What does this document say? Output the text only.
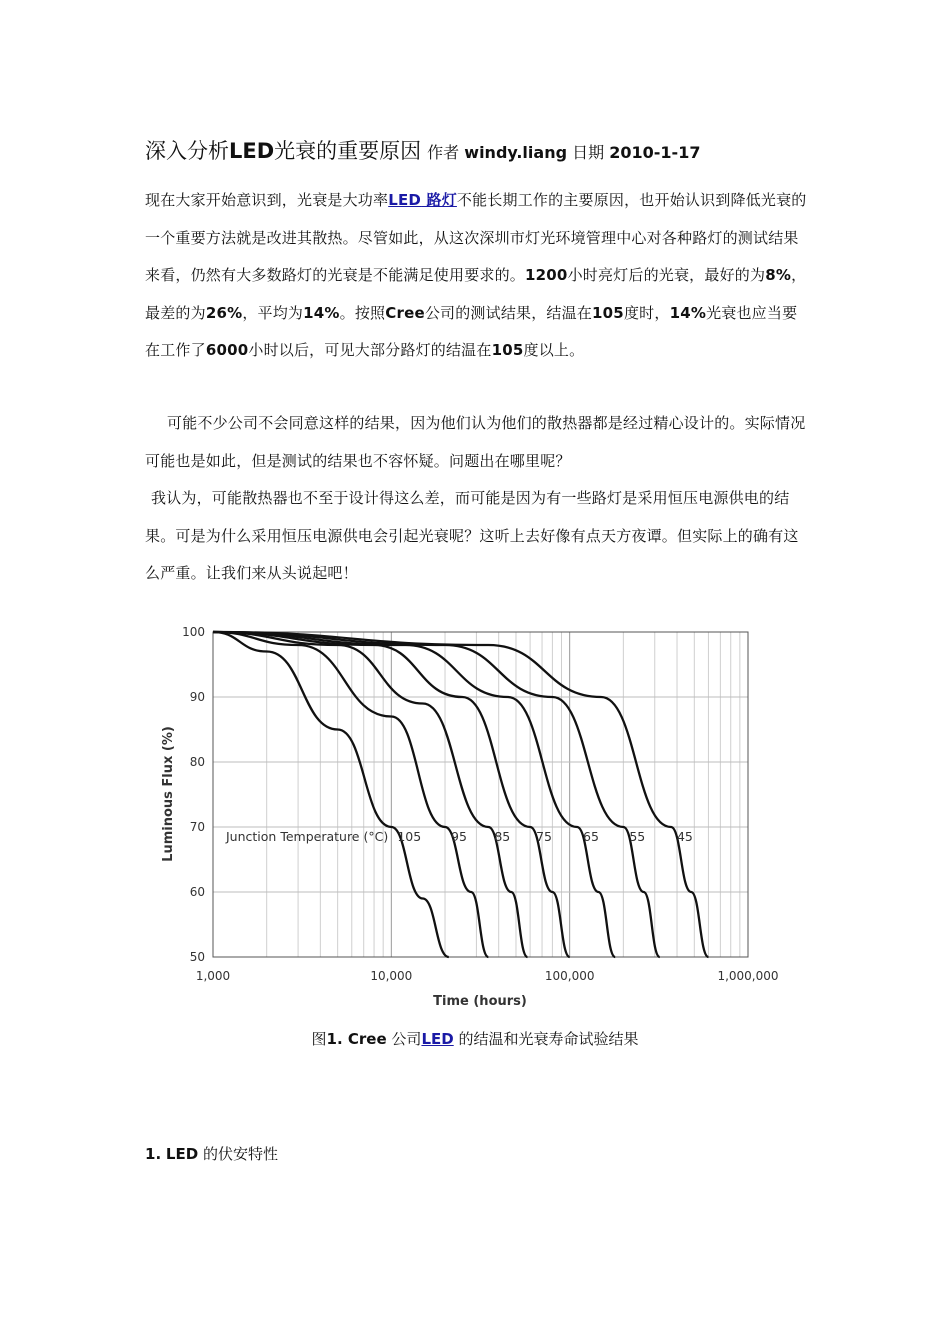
深入分析LED光衰的重要原因 作者 windy.liang 日期 2010-1-17
现在大家开始意识到，光衰是大功率LED 路灯不能长期工作的主要原因，也开始认识到降低光衰的一个重要方法就是改进其散热。尽管如此，从这次深圳市灯光环境管理中心对各种路灯的测试结果来看，仍然有大多数路灯的光衰是不能满足使用要求的。1200小时亮灯后的光衰，最好的为8%，最差的为26%，平均为14%。按照Cree公司的测试结果，结温在105度时，14%光衰也应当要在工作了6000小时以后，可见大部分路灯的结温在105度以上。
可能不少公司不会同意这样的结果，因为他们认为他们的散热器都是经过精心设计的。实际情况可能也是如此，但是测试的结果也不容怀疑。问题出在哪里呢？
我认为，可能散热器也不至于设计得这么差，而可能是因为有一些路灯是采用恒压电源供电的结果。可是为什么采用恒压电源供电会引起光衰呢？这听上去好像有点天方夜谭。但实际上的确有这么严重。让我们来从头说起吧！
50
60
70
80
90
100
1,000	10,000	100,000	1,000,000
105 95 85 75 65 55	45
Junction Temperature (°C)
Time (hours)
Luminous Flux (%)
图1. Cree 公司LED 的结温和光衰寿命试验结果
1. LED 的伏安特性
